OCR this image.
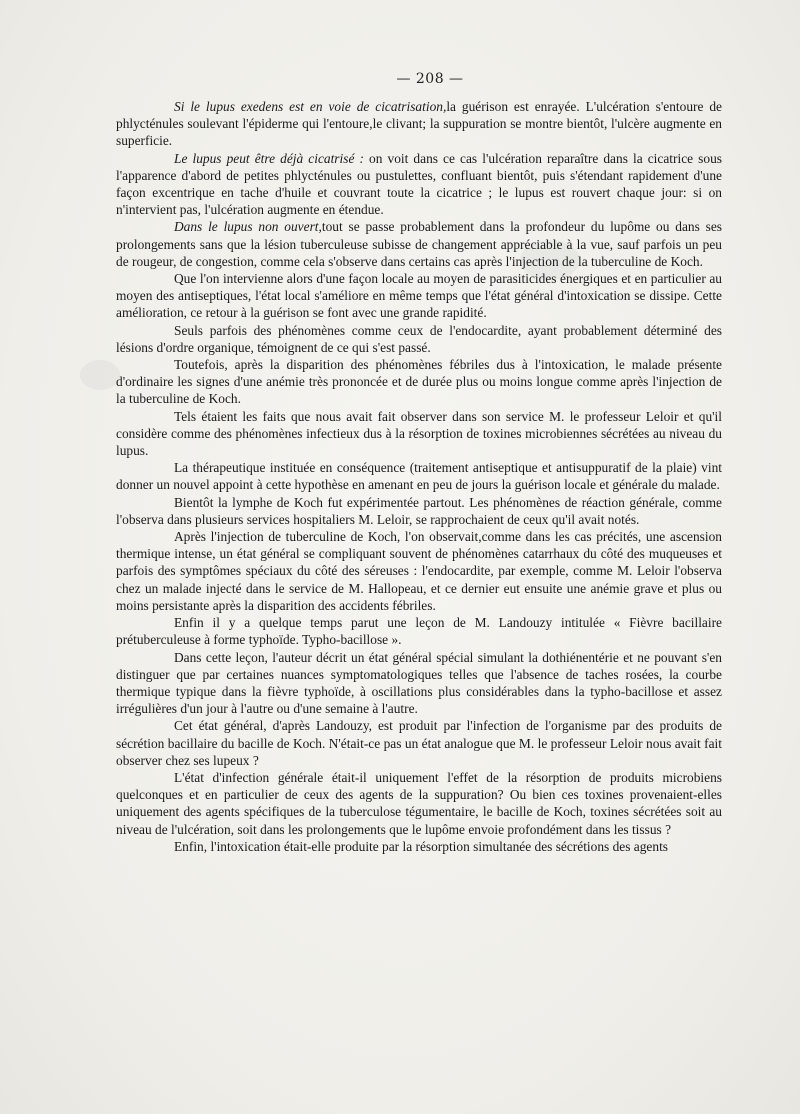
— 208 —

Si le lupus exedens est en voie de cicatrisation,la guérison est enrayée. L'ulcération s'entoure de phlycténules soulevant l'épiderme qui l'entoure,le clivant; la suppuration se montre bientôt, l'ulcère augmente en superficie.

Le lupus peut être déjà cicatrisé : on voit dans ce cas l'ulcération reparaître dans la cicatrice sous l'apparence d'abord de petites phlycténules ou pustulettes, confluant bientôt, puis s'étendant rapidement d'une façon excentrique en tache d'huile et couvrant toute la cicatrice ; le lupus est rouvert chaque jour: si on n'intervient pas, l'ulcération augmente en étendue.

Dans le lupus non ouvert,tout se passe probablement dans la profondeur du lupôme ou dans ses prolongements sans que la lésion tuberculeuse subisse de changement appréciable à la vue, sauf parfois un peu de rougeur, de congestion, comme cela s'observe dans certains cas après l'injection de la tuberculine de Koch.

Que l'on intervienne alors d'une façon locale au moyen de parasiticides énergiques et en particulier au moyen des antiseptiques, l'état local s'améliore en même temps que l'état général d'intoxication se dissipe. Cette amélioration, ce retour à la guérison se font avec une grande rapidité.

Seuls parfois des phénomènes comme ceux de l'endocardite, ayant probablement déterminé des lésions d'ordre organique, témoignent de ce qui s'est passé.

Toutefois, après la disparition des phénomènes fébriles dus à l'intoxication, le malade présente d'ordinaire les signes d'une anémie très prononcée et de durée plus ou moins longue comme après l'injection de la tuberculine de Koch.

Tels étaient les faits que nous avait fait observer dans son service M. le professeur Leloir et qu'il considère comme des phénomènes infectieux dus à la résorption de toxines microbiennes sécrétées au niveau du lupus.

La thérapeutique instituée en conséquence (traitement antiseptique et antisuppuratif de la plaie) vint donner un nouvel appoint à cette hypothèse en amenant en peu de jours la guérison locale et générale du malade.

Bientôt la lymphe de Koch fut expérimentée partout. Les phénomènes de réaction générale, comme l'observa dans plusieurs services hospitaliers M. Leloir, se rapprochaient de ceux qu'il avait notés.

Après l'injection de tuberculine de Koch, l'on observait,comme dans les cas précités, une ascension thermique intense, un état général se compliquant souvent de phénomènes catarrhaux du côté des muqueuses et parfois des symptômes spéciaux du côté des séreuses : l'endocardite, par exemple, comme M. Leloir l'observa chez un malade injecté dans le service de M. Hallopeau, et ce dernier eut ensuite une anémie grave et plus ou moins persistante après la disparition des accidents fébriles.

Enfin il y a quelque temps parut une leçon de M. Landouzy intitulée « Fièvre bacillaire prétuberculeuse à forme typhoïde. Typho-bacillose ».

Dans cette leçon, l'auteur décrit un état général spécial simulant la dothiénentérie et ne pouvant s'en distinguer que par certaines nuances symptomatologiques telles que l'absence de taches rosées, la courbe thermique typique dans la fièvre typhoïde, à oscillations plus considérables dans la typho-bacillose et assez irrégulières d'un jour à l'autre ou d'une semaine à l'autre.

Cet état général, d'après Landouzy, est produit par l'infection de l'organisme par des produits de sécrétion bacillaire du bacille de Koch. N'était-ce pas un état analogue que M. le professeur Leloir nous avait fait observer chez ses lupeux ?

L'état d'infection générale était-il uniquement l'effet de la résorption de produits microbiens quelconques et en particulier de ceux des agents de la suppuration? Ou bien ces toxines provenaient-elles uniquement des agents spécifiques de la tuberculose tégumentaire, le bacille de Koch, toxines sécrétées soit au niveau de l'ulcération, soit dans les prolongements que le lupôme envoie profondément dans les tissus ?

Enfin, l'intoxication était-elle produite par la résorption simultanée des sécrétions des agents
